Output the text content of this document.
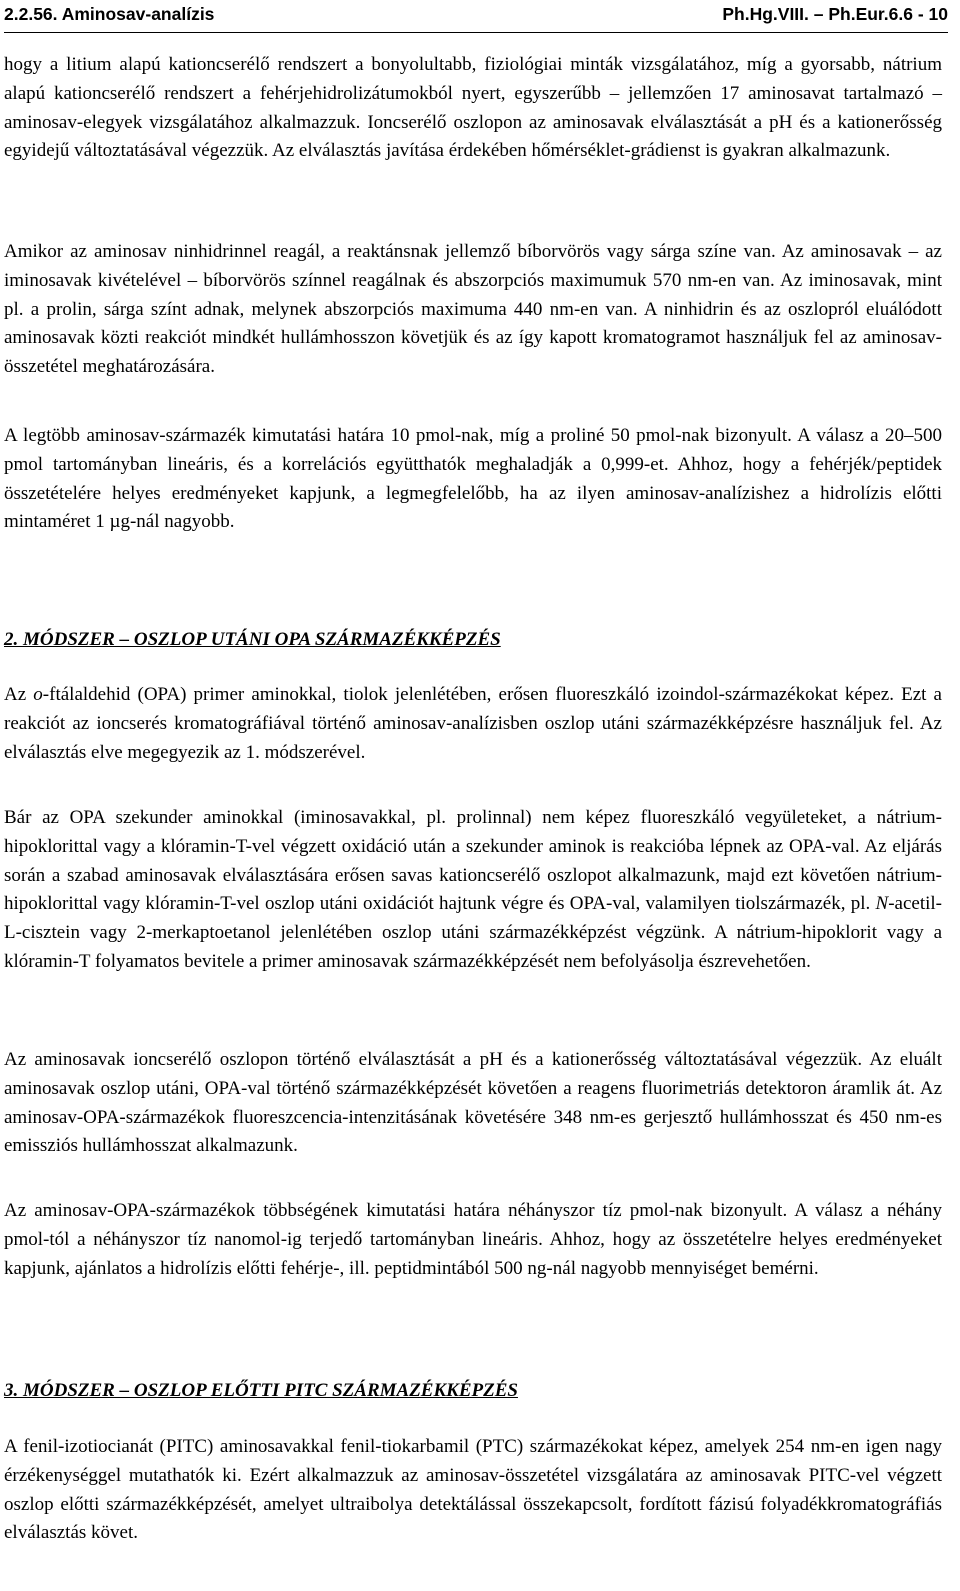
2.2.56. Aminosav-analízis	Ph.Hg.VIII. – Ph.Eur.6.6 - 10

hogy a litium alapú kationcserélő rendszert a bonyolultabb, fiziológiai minták vizsgálatához, míg a gyorsabb, nátrium alapú kationcserélő rendszert a fehérjehidrolizátumokból nyert, egyszerűbb – jellemzően 17 aminosavat tartalmazó – aminosav-elegyek vizsgálatához alkalmazzuk. Ioncserélő oszlopon az aminosavak elválasztását a pH és a kationerősség egyidejű változtatásával végezzük. Az elválasztás javítása érdekében hőmérséklet-grádienst is gyakran alkalmazunk.

Amikor az aminosav ninhidrinnel reagál, a reaktánsnak jellemző bíborvörös vagy sárga színe van. Az aminosavak – az iminosavak kivételével – bíborvörös színnel reagálnak és abszorpciós maximumuk 570 nm-en van. Az iminosavak, mint pl. a prolin, sárga színt adnak, melynek abszorpciós maximuma 440 nm-en van. A ninhidrin és az oszlopról eluálódott aminosavak közti reakciót mindkét hullámhosszon követjük és az így kapott kromatogramot használjuk fel az aminosav-összetétel meghatározására.

A legtöbb aminosav-származék kimutatási határa 10 pmol-nak, míg a proliné 50 pmol-nak bizonyult. A válasz a 20–500 pmol tartományban lineáris, és a korrelációs együtthatók meghaladják a 0,999-et. Ahhoz, hogy a fehérjék/peptidek összetételére helyes eredményeket kapjunk, a legmegfelelőbb, ha az ilyen aminosav-analízishez a hidrolízis előtti mintaméret 1 µg-nál nagyobb.

2. MÓDSZER – OSZLOP UTÁNI OPA SZÁRMAZÉKKÉPZÉS

Az o-ftálaldehid (OPA) primer aminokkal, tiolok jelenlétében, erősen fluoreszkáló izoindol-származékokat képez. Ezt a reakciót az ioncserés kromatográfiával történő aminosav-analízisben oszlop utáni származékképzésre használjuk fel. Az elválasztás elve megegyezik az 1. módszerével.

Bár az OPA szekunder aminokkal (iminosavakkal, pl. prolinnal) nem képez fluoreszkáló vegyületeket, a nátrium-hipoklorittal vagy a klóramin-T-vel végzett oxidáció után a szekunder aminok is reakcióba lépnek az OPA-val. Az eljárás során a szabad aminosavak elválasztására erősen savas kationcserélő oszlopot alkalmazunk, majd ezt követően nátrium-hipoklorittal vagy klóramin-T-vel oszlop utáni oxidációt hajtunk végre és OPA-val, valamilyen tiolszármazék, pl. N-acetil-L-cisztein vagy 2-merkaptoetanol jelenlétében oszlop utáni származékképzést végzünk. A nátrium-hipoklorit vagy a klóramin-T folyamatos bevitele a primer aminosavak származékképzését nem befolyásolja észrevehetően.

Az aminosavak ioncserélő oszlopon történő elválasztását a pH és a kationerősség változtatásával végezzük. Az eluált aminosavak oszlop utáni, OPA-val történő származékképzését követően a reagens fluorimetriás detektoron áramlik át. Az aminosav-OPA-származékok fluoreszcencia-intenzitásának követésére 348 nm-es gerjesztő hullámhosszat és 450 nm-es emissziós hullámhosszat alkalmazunk.

Az aminosav-OPA-származékok többségének kimutatási határa néhányszor tíz pmol-nak bizonyult. A válasz a néhány pmol-tól a néhányszor tíz nanomol-ig terjedő tartományban lineáris. Ahhoz, hogy az összetételre helyes eredményeket kapjunk, ajánlatos a hidrolízis előtti fehérje-, ill. peptidmintából 500 ng-nál nagyobb mennyiséget bemérni.

3. MÓDSZER – OSZLOP ELŐTTI PITC SZÁRMAZÉKKÉPZÉS

A fenil-izotiocianát (PITC) aminosavakkal fenil-tiokarbamil (PTC) származékokat képez, amelyek 254 nm-en igen nagy érzékenységgel mutathatók ki. Ezért alkalmazzuk az aminosav-összetétel vizsgálatára az aminosavak PITC-vel végzett oszlop előtti származékképzését, amelyet ultraibolya detektálással összekapcsolt, fordított fázisú folyadékkromatográfiás elválasztás követ.
